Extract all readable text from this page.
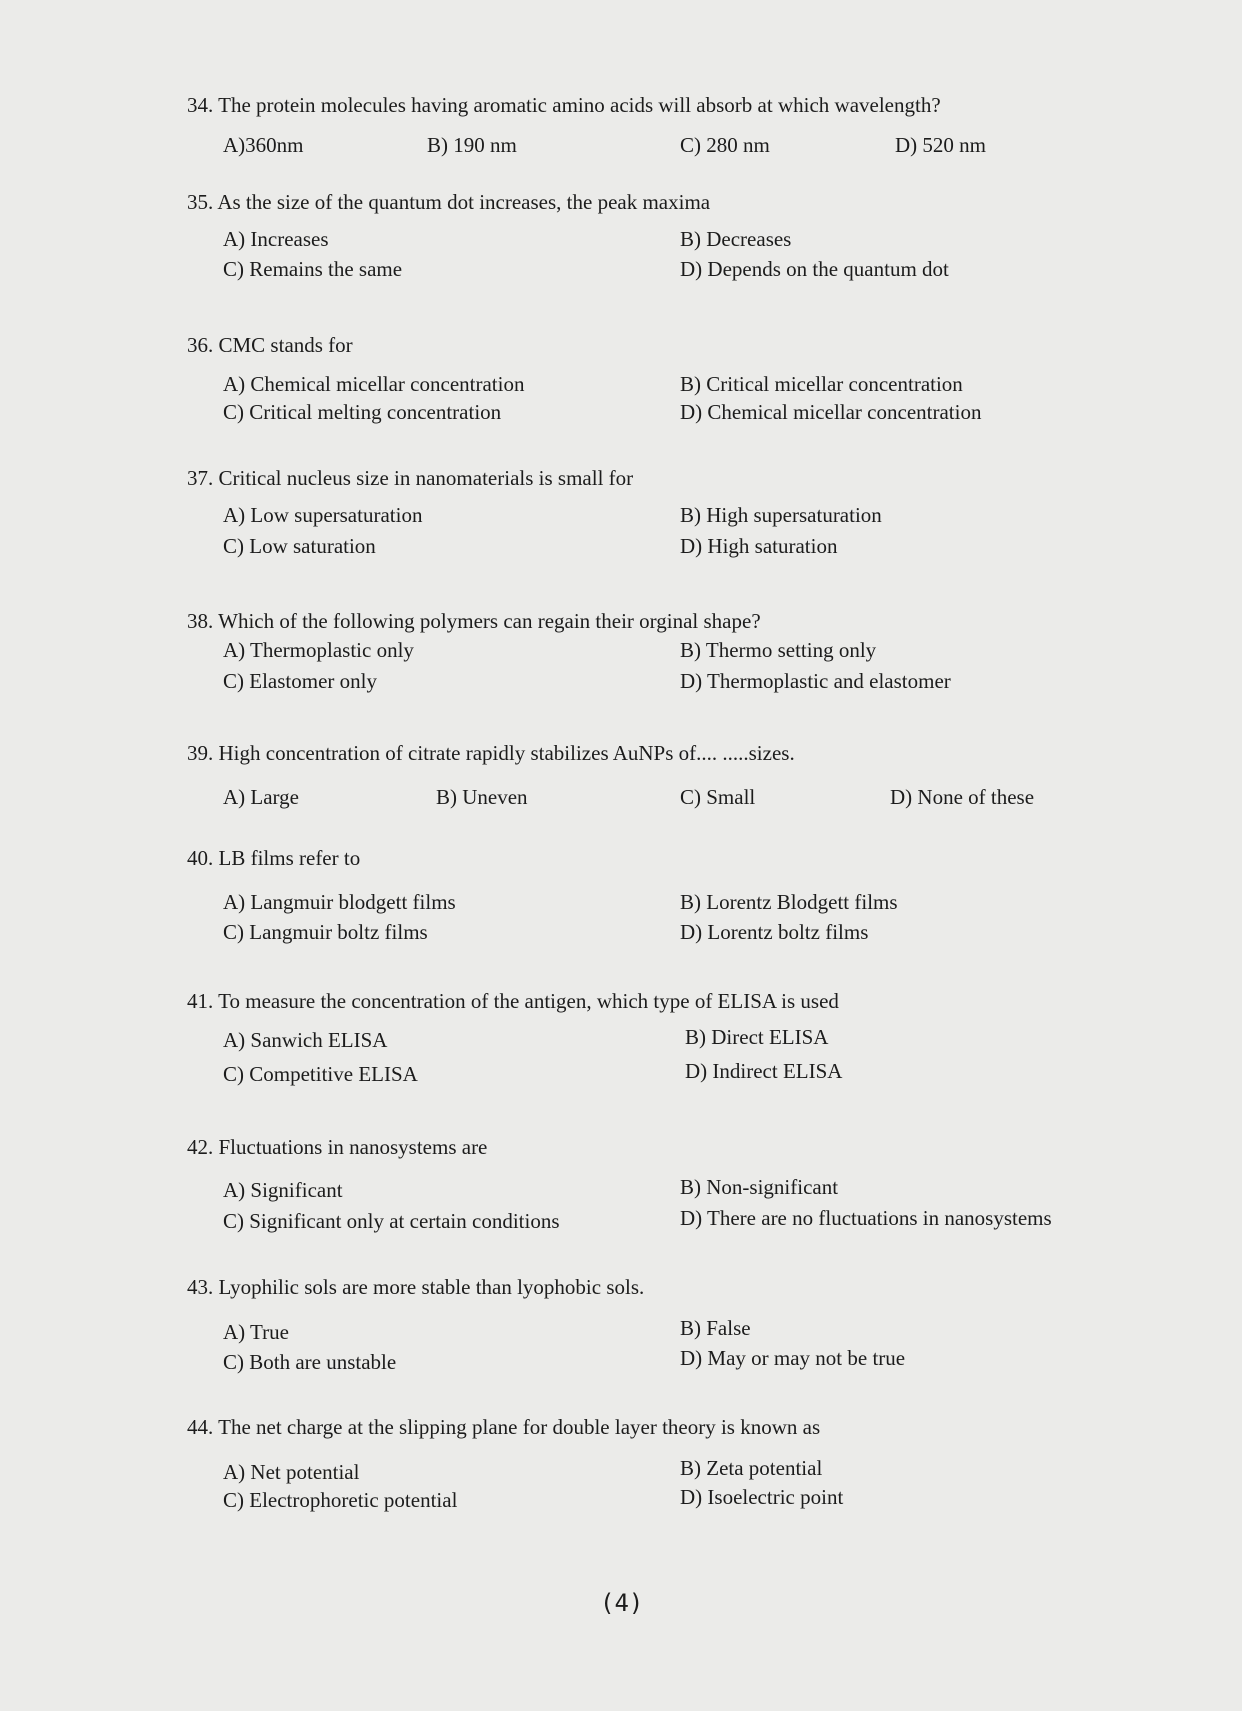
34. The protein molecules having aromatic amino acids will absorb at which wavelength?
A)360nm	B) 190 nm	C) 280 nm	D) 520 nm
35. As the size of the quantum dot increases, the peak maxima
A) Increases	B) Decreases
C) Remains the same	D) Depends on the quantum dot
36. CMC stands for
A) Chemical micellar concentration	B) Critical micellar concentration
C) Critical melting concentration	D) Chemical micellar concentration
37. Critical nucleus size in nanomaterials is small for
A) Low supersaturation	B) High supersaturation
C) Low saturation	D) High saturation
38. Which of the following polymers can regain their orginal shape?
A) Thermoplastic only	B) Thermo setting only
C) Elastomer only	D) Thermoplastic and elastomer
39. High concentration of citrate rapidly stabilizes AuNPs of.... .....sizes.
A) Large	B) Uneven	C) Small	D) None of these
40. LB films refer to
A) Langmuir blodgett films	B) Lorentz Blodgett films
C) Langmuir boltz films	D) Lorentz boltz films
41. To measure the concentration of the antigen, which type of ELISA is used
A) Sanwich ELISA	B) Direct ELISA
C) Competitive ELISA	D) Indirect ELISA
42. Fluctuations in nanosystems are
A) Significant	B) Non-significant
C) Significant only at certain conditions	D) There are no fluctuations in nanosystems
43. Lyophilic sols are more stable than lyophobic sols.
A) True	B) False
C) Both are unstable	D) May or may not be true
44. The net charge at the slipping plane for double layer theory is known as
A) Net potential	B) Zeta potential
C) Electrophoretic potential	D) Isoelectric point
(4)
